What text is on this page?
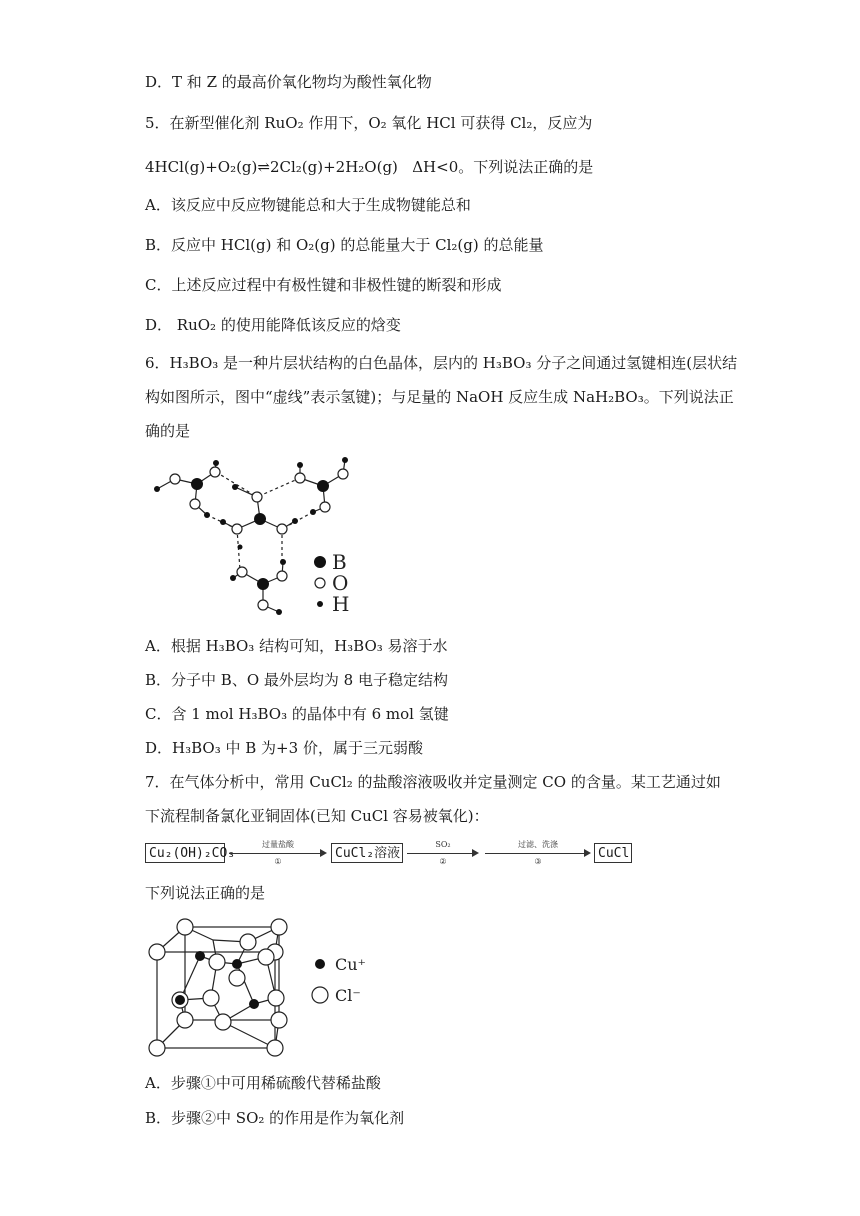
D．T 和 Z 的最高价氧化物均为酸性氧化物
5．在新型催化剂 RuO₂ 作用下，O₂ 氧化 HCl 可获得 Cl₂，反应为
4HCl(g)+O₂(g)⇌2Cl₂(g)+2H₂O(g)   ΔH<0。下列说法正确的是
A．该反应中反应物键能总和大于生成物键能总和
B．反应中 HCl(g) 和 O₂(g) 的总能量大于 Cl₂(g) 的总能量
C．上述反应过程中有极性键和非极性键的断裂和形成
D． RuO₂ 的使用能降低该反应的焓变
6．H₃BO₃ 是一种片层状结构的白色晶体，层内的 H₃BO₃ 分子之间通过氢键相连(层状结
构如图所示，图中“虚线”表示氢键)；与足量的 NaOH 反应生成 NaH₂BO₃。下列说法正
确的是
B
O
H
A．根据 H₃BO₃ 结构可知，H₃BO₃ 易溶于水
B．分子中 B、O 最外层均为 8 电子稳定结构
C．含 1 mol H₃BO₃ 的晶体中有 6 mol 氢键
D．H₃BO₃ 中 B 为+3 价，属于三元弱酸
7．在气体分析中，常用 CuCl₂ 的盐酸溶液吸收并定量测定 CO 的含量。某工艺通过如
下流程制备氯化亚铜固体(已知 CuCl 容易被氧化)：
Cu₂(OH)₂CO₃
过量盐酸
①
CuCl₂溶液
SO₂
②
过滤、洗涤
③
CuCl
下列说法正确的是
Cu⁺
Cl⁻
A．步骤①中可用稀硫酸代替稀盐酸
B．步骤②中 SO₂ 的作用是作为氧化剂
